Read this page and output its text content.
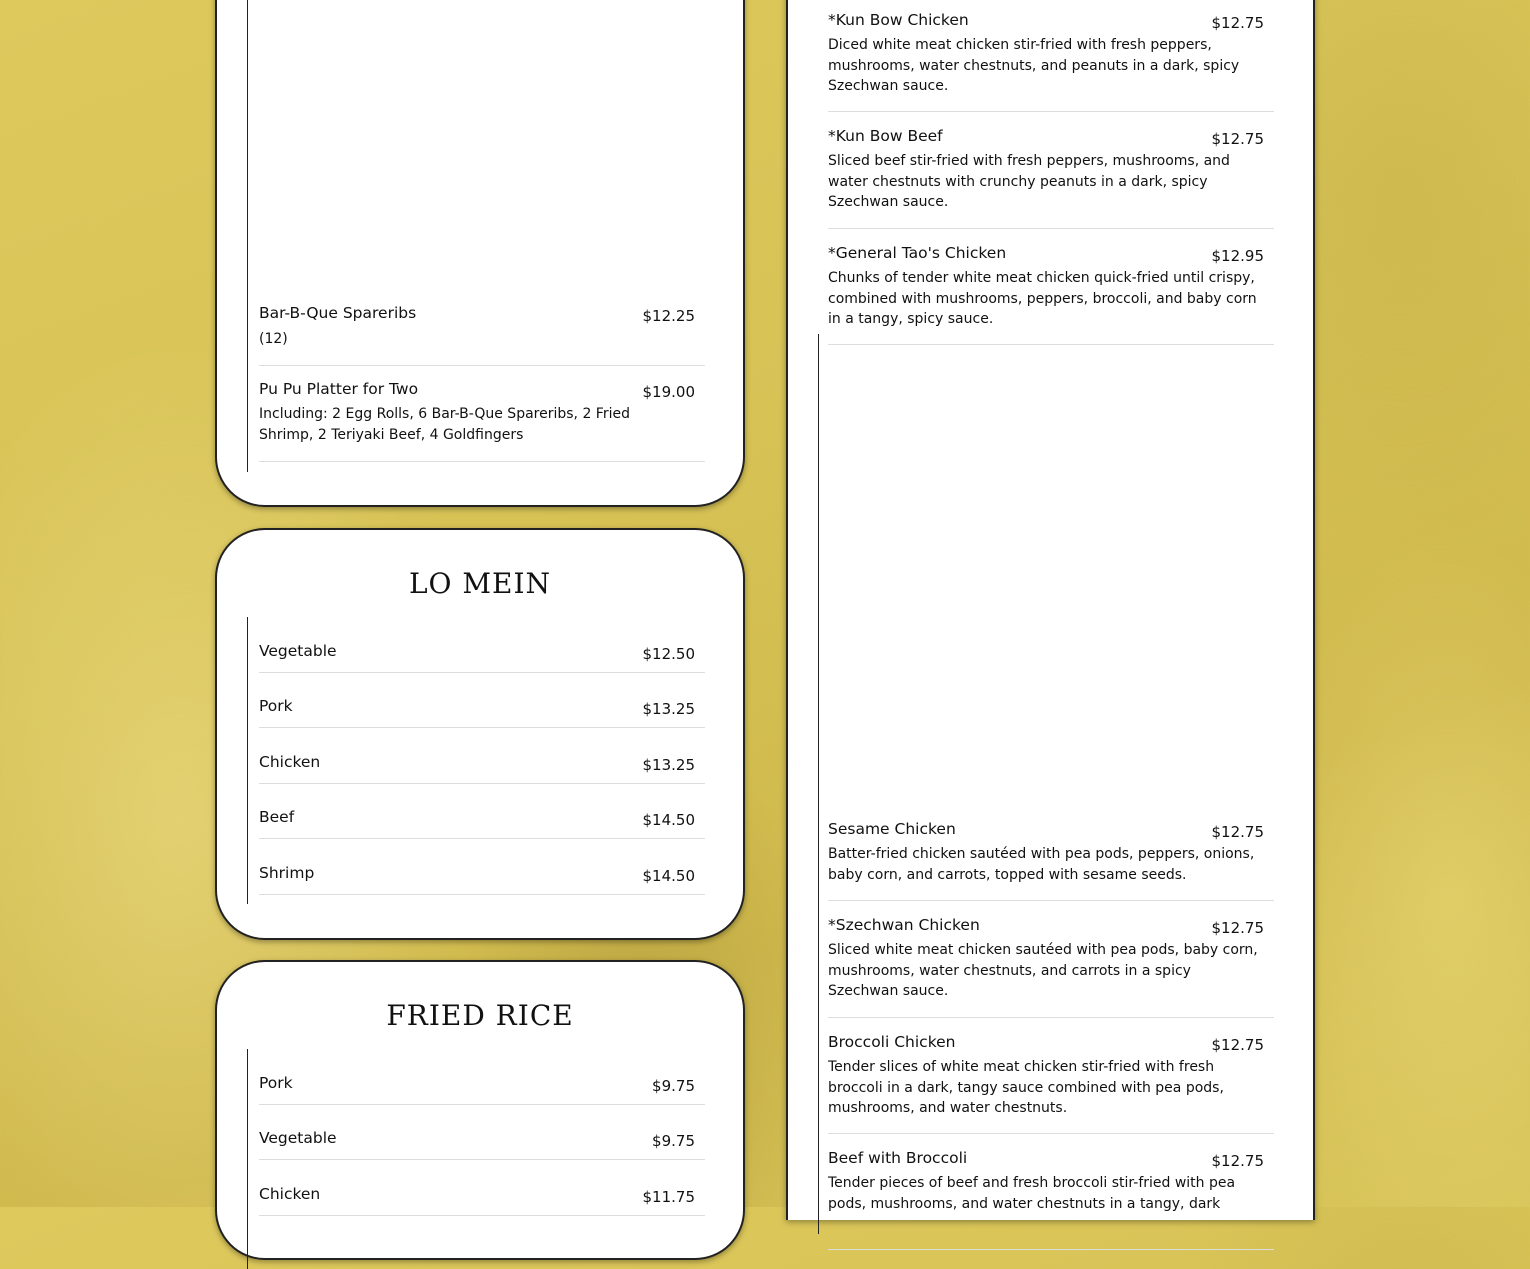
Bar-B-Que Spareribs	$12.25
(12)
Pu Pu Platter for Two	$19.00
Including: 2 Egg Rolls, 6 Bar-B-Que Spareribs, 2 Fried Shrimp, 2 Teriyaki Beef, 4 Goldfingers
LO MEIN
Vegetable	$12.50
Pork	$13.25
Chicken	$13.25
Beef	$14.50
Shrimp	$14.50
FRIED RICE
Pork	$9.75
Vegetable	$9.75
Chicken	$11.75
*Kun Bow Chicken	$12.75
Diced white meat chicken stir-fried with fresh peppers, mushrooms, water chestnuts, and peanuts in a dark, spicy Szechwan sauce.
*Kun Bow Beef	$12.75
Sliced beef stir-fried with fresh peppers, mushrooms, and water chestnuts with crunchy peanuts in a dark, spicy Szechwan sauce.
*General Tao's Chicken	$12.95
Chunks of tender white meat chicken quick-fried until crispy, combined with mushrooms, peppers, broccoli, and baby corn in a tangy, spicy sauce.
Sesame Chicken	$12.75
Batter-fried chicken sautéed with pea pods, peppers, onions, baby corn, and carrots, topped with sesame seeds.
*Szechwan Chicken	$12.75
Sliced white meat chicken sautéed with pea pods, baby corn, mushrooms, water chestnuts, and carrots in a spicy Szechwan sauce.
Broccoli Chicken	$12.75
Tender slices of white meat chicken stir-fried with fresh broccoli in a dark, tangy sauce combined with pea pods, mushrooms, and water chestnuts.
Beef with Broccoli	$12.75
Tender pieces of beef and fresh broccoli stir-fried with pea pods, mushrooms, and water chestnuts in a tangy, dark
